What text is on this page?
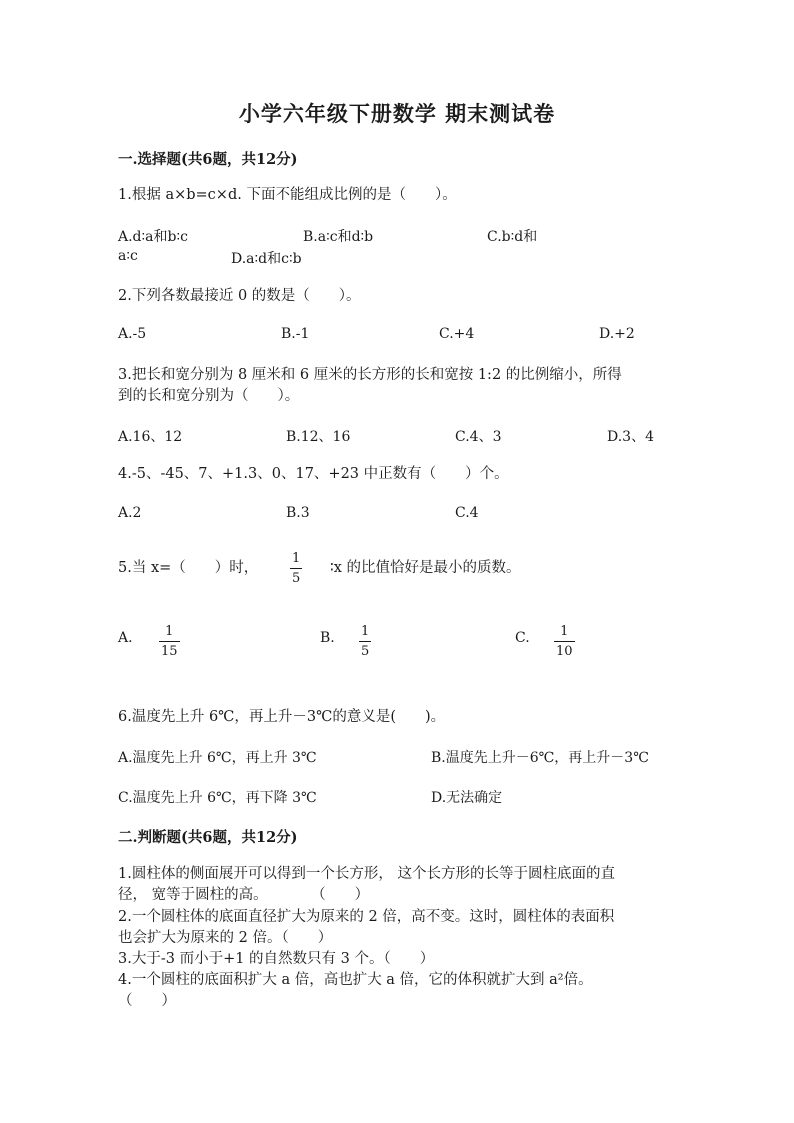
小学六年级下册数学 期末测试卷
一.选择题(共6题，共12分)
1.根据 a×b=c×d. 下面不能组成比例的是（　　）。
A.d∶a和b∶c	B.a∶c和d∶b	C.b∶d和
a∶c	D.a∶d和c∶b
2.下列各数最接近 0 的数是（　　）。
A.-5	B.-1	C.+4	D.+2
3.把长和宽分别为 8 厘米和 6 厘米的长方形的长和宽按 1:2 的比例缩小，所得
到的长和宽分别为（　　）。
A.16、12	B.12、16	C.4、3	D.3、4
4.-5、-45、7、+1.3、0、17、+23 中正数有（　　）个。
A.2	B.3	C.4
5.当 x=（　　）时，
1
5
∶x 的比值恰好是最小的质数。
A.	1
15
B. 1
5
C. 1
10
6.温度先上升 6℃，再上升－3℃的意义是(　　)。
A.温度先上升 6℃，再上升 3℃	B.温度先上升－6℃，再上升－3℃
C.温度先上升 6℃，再下降 3℃	D.无法确定
二.判断题(共6题，共12分)
1.圆柱体的侧面展开可以得到一个长方形， 这个长方形的长等于圆柱底面的直
径， 宽等于圆柱的高。　　　　（　　）
2.一个圆柱体的底面直径扩大为原来的 2 倍，高不变。这时，圆柱体的表面积
也会扩大为原来的 2 倍。（　　）
3.大于-3 而小于+1 的自然数只有 3 个。（　　）
4.一个圆柱的底面积扩大 a 倍，高也扩大 a 倍，它的体积就扩大到 a²倍。
（　　）
